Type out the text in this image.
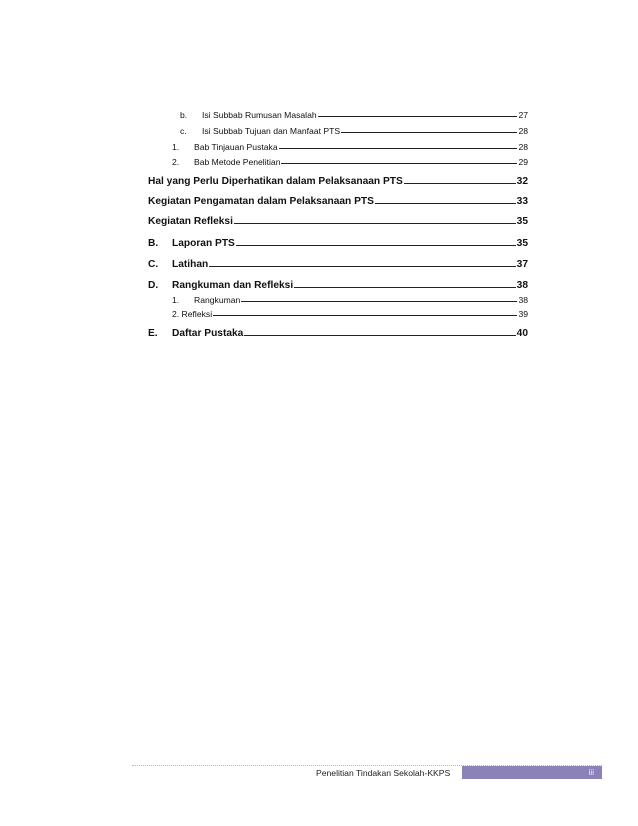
b.	Isi Subbab Rumusan Masalah	27
c.	Isi Subbab Tujuan dan Manfaat PTS	28
1.	Bab Tinjauan Pustaka	28
2.	Bab Metode Penelitian	29
Hal yang Perlu Diperhatikan dalam Pelaksanaan PTS	32
Kegiatan Pengamatan dalam Pelaksanaan PTS	33
Kegiatan Refleksi	35
B.	Laporan PTS	35
C.	Latihan	37
D.	Rangkuman dan Refleksi	38
1.	Rangkuman	38
2. Refleksi	39
E.	Daftar Pustaka	40
Penelitian Tindakan Sekolah-KKPS	iii
